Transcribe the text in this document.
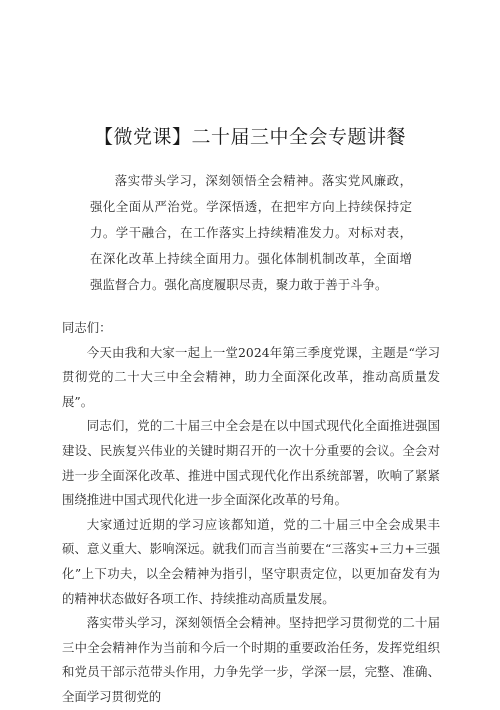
【微党课】二十届三中全会专题讲餐

落实带头学习，深刻领悟全会精神。落实党风廉政，强化全面从严治党。学深悟透，在把牢方向上持续保持定力。学干融合，在工作落实上持续精准发力。对标对表，在深化改革上持续全面用力。强化体制机制改革，全面增强监督合力。强化高度履职尽责，聚力敢于善于斗争。

同志们：

今天由我和大家一起上一堂2024年第三季度党课，主题是“学习贯彻党的二十大三中全会精神，助力全面深化改革，推动高质量发展”。

同志们，党的二十届三中全会是在以中国式现代化全面推进强国建设、民族复兴伟业的关键时期召开的一次十分重要的会议。全会对进一步全面深化改革、推进中国式现代化作出系统部署，吹响了紧紧围绕推进中国式现代化进一步全面深化改革的号角。

大家通过近期的学习应该都知道，党的二十届三中全会成果丰硕、意义重大、影响深远。就我们而言当前要在“三落实+三力+三强化”上下功夫，以全会精神为指引，坚守职责定位，以更加奋发有为的精神状态做好各项工作、持续推动高质量发展。

落实带头学习，深刻领悟全会精神。坚持把学习贯彻党的二十届三中全会精神作为当前和今后一个时期的重要政治任务，发挥党组织和党员干部示范带头作用，力争先学一步，学深一层，完整、准确、全面学习贯彻党的
